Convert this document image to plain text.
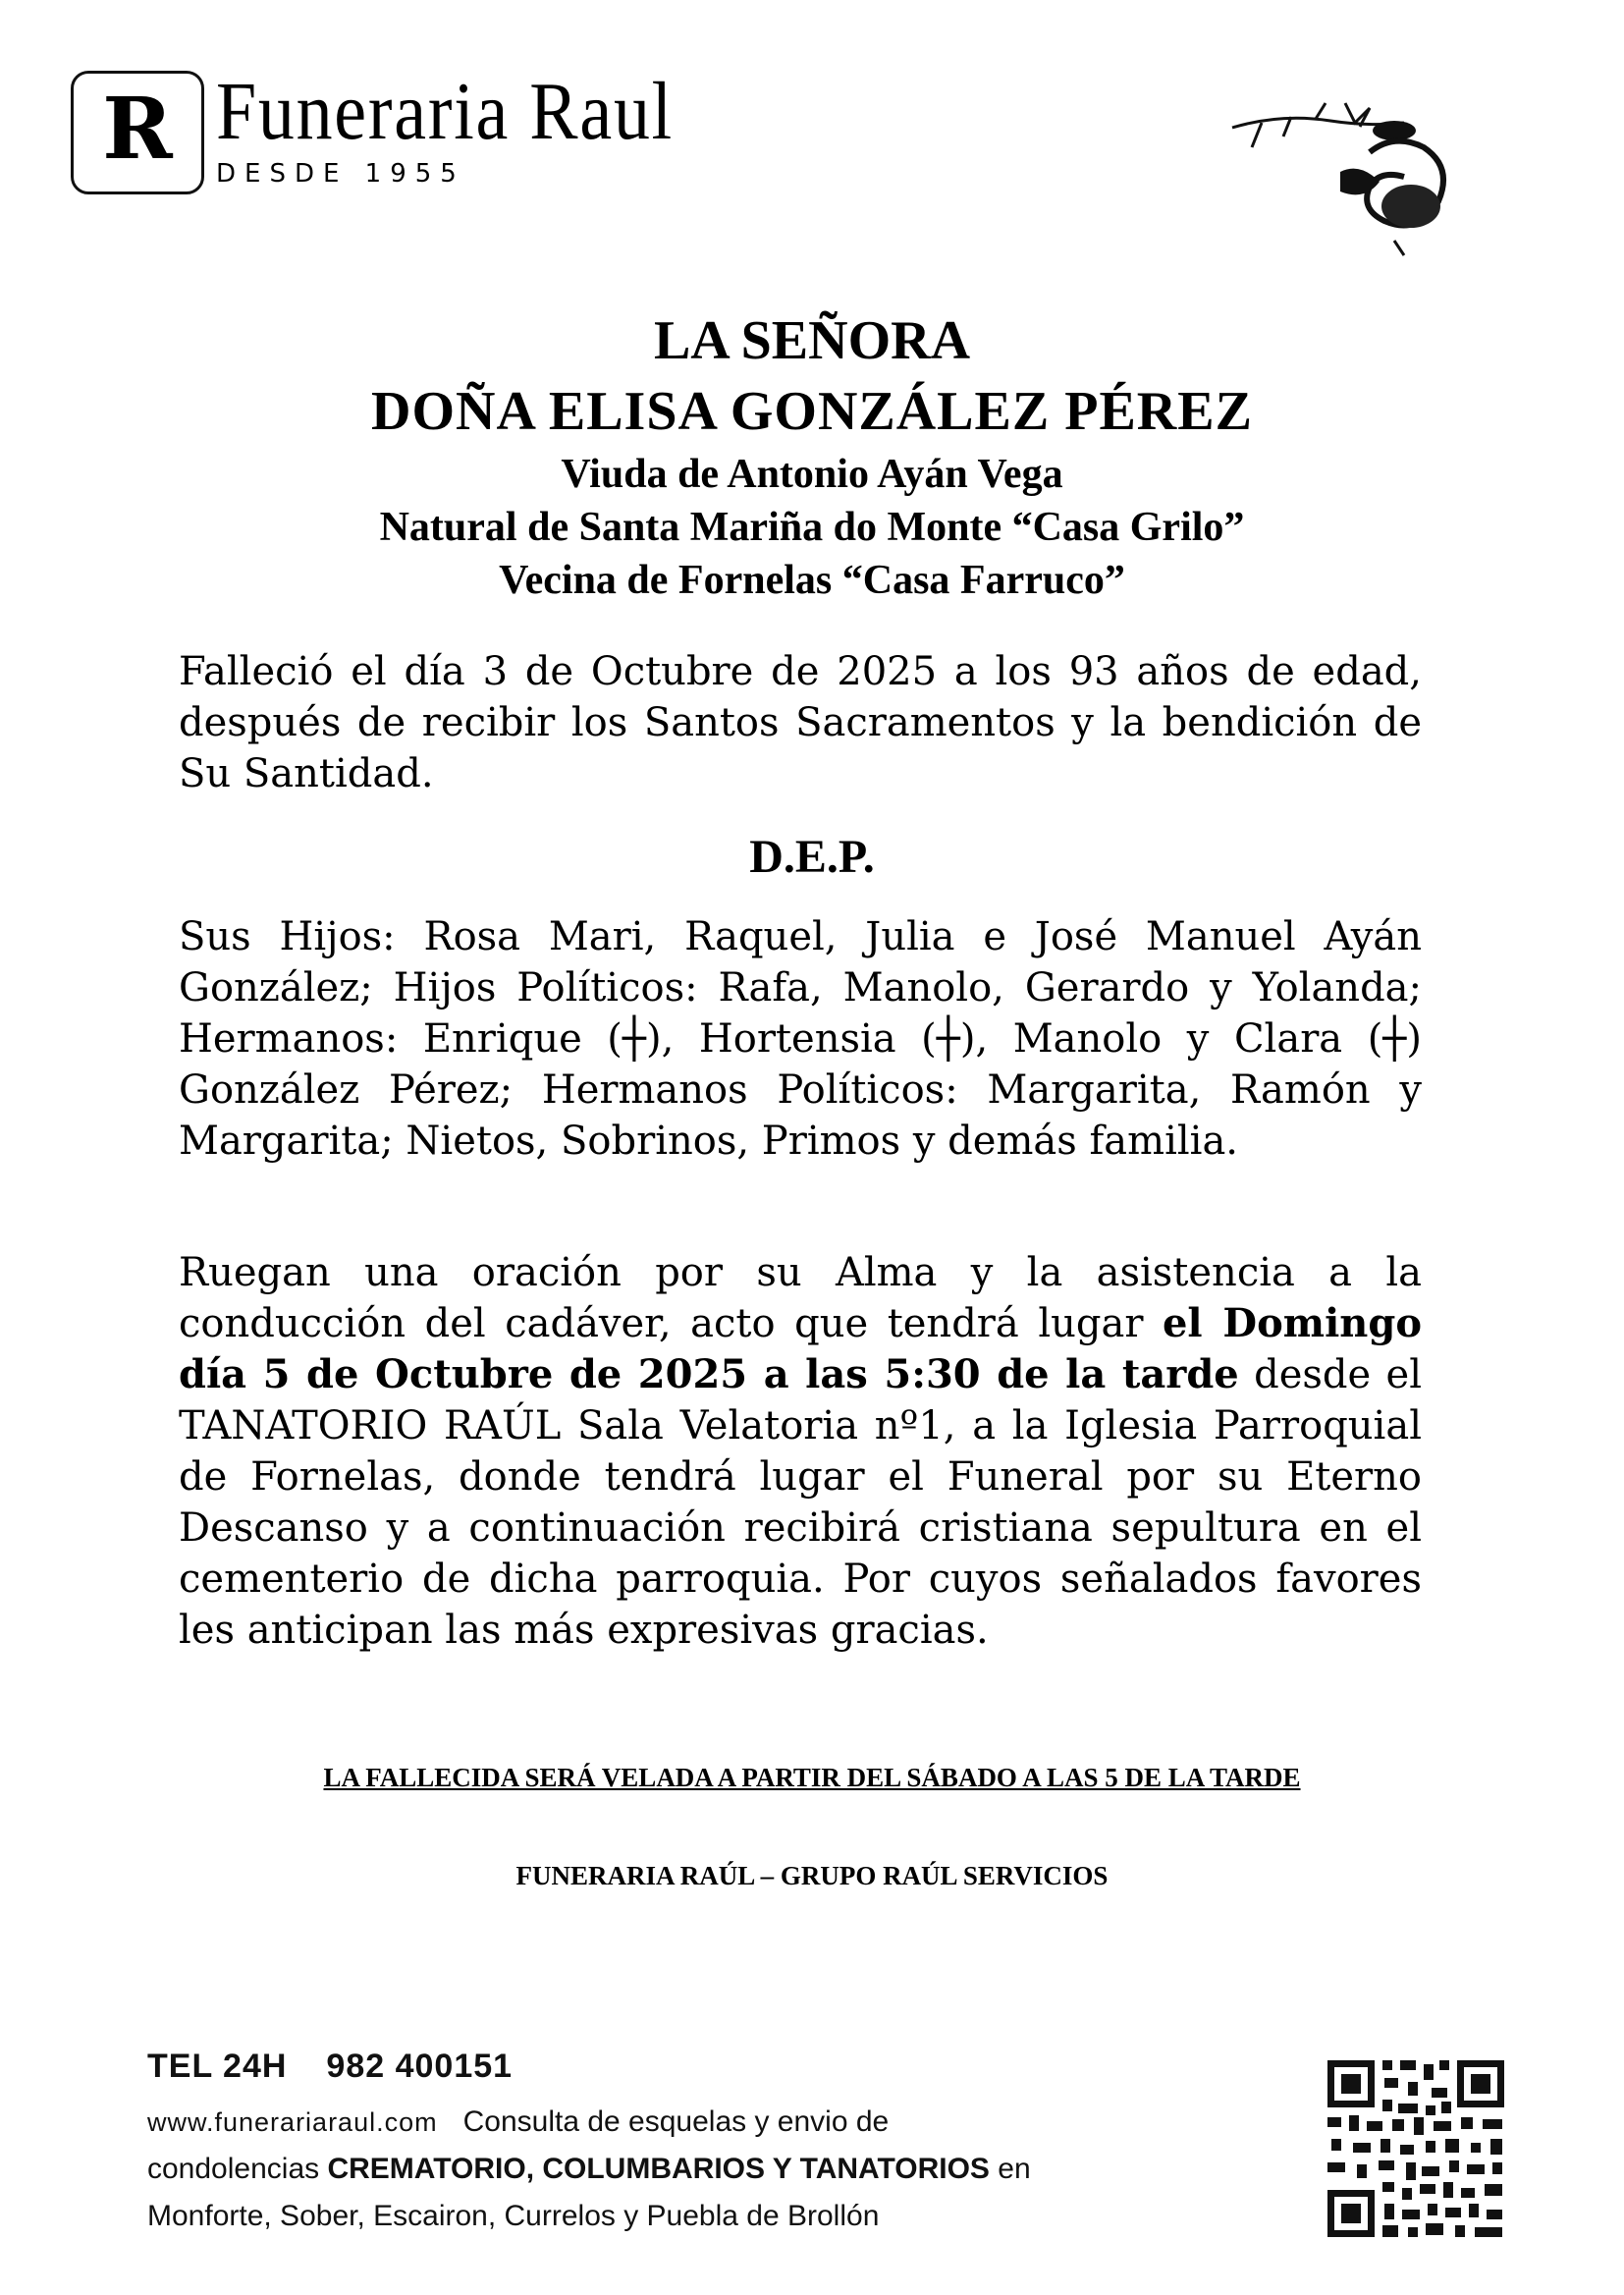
R Funeraria Raul
DESDE 1955
LA SEÑORA
DOÑA ELISA GONZÁLEZ PÉREZ
Viuda de Antonio Ayán Vega
Natural de Santa Mariña do Monte “Casa Grilo”
Vecina de Fornelas “Casa Farruco”
Falleció el día 3 de Octubre de 2025 a los 93 años de edad, después de recibir los Santos Sacramentos y la bendición de Su Santidad.
D.E.P.
Sus Hijos: Rosa Mari, Raquel, Julia e José Manuel Ayán González; Hijos Políticos: Rafa, Manolo, Gerardo y Yolanda; Hermanos: Enrique (┼), Hortensia (┼), Manolo y Clara (┼) González Pérez; Hermanos Políticos: Margarita, Ramón y Margarita; Nietos, Sobrinos, Primos y demás familia.
Ruegan una oración por su Alma y la asistencia a la conducción del cadáver, acto que tendrá lugar el Domingo día 5 de Octubre de 2025 a las 5:30 de la tarde desde el TANATORIO RAÚL Sala Velatoria nº1, a la Iglesia Parroquial de Fornelas, donde tendrá lugar el Funeral por su Eterno Descanso y a continuación recibirá cristiana sepultura en el cementerio de dicha parroquia. Por cuyos señalados favores les anticipan las más expresivas gracias.
LA FALLECIDA SERÁ VELADA A PARTIR DEL SÁBADO A LAS 5 DE LA TARDE
FUNERARIA RAÚL – GRUPO RAÚL SERVICIOS
TEL 24H 982 400151
www.funerariaraul.com Consulta de esquelas y envio de
condolencias CREMATORIO, COLUMBARIOS Y TANATORIOS en
Monforte, Sober, Escairon, Currelos y Puebla de Brollón
